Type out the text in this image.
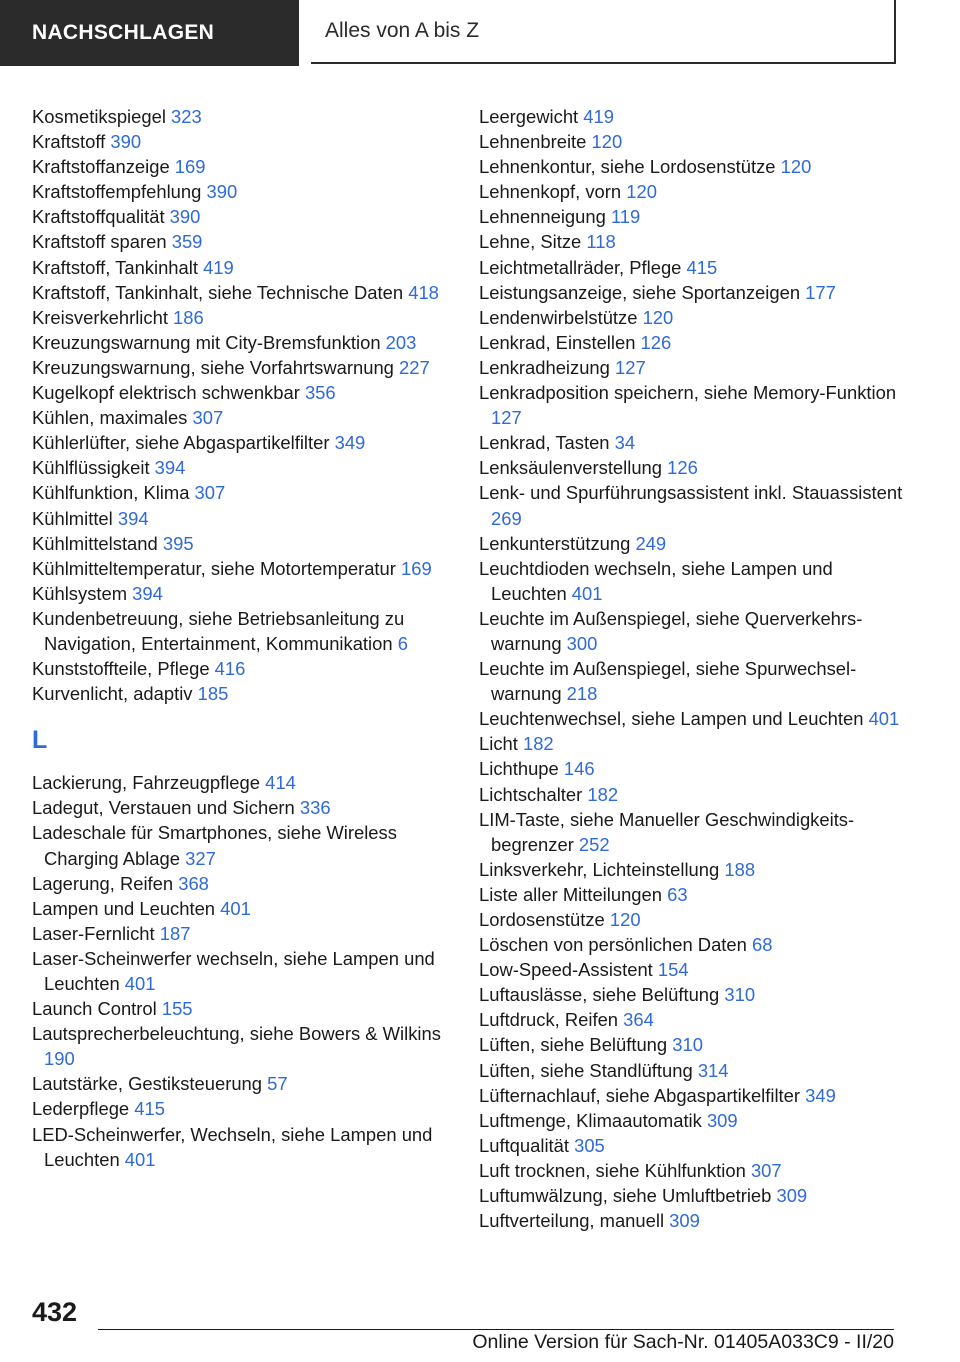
NACHSCHLAGEN	Alles von A bis Z
Kosmetikspiegel 323
Kraftstoff 390
Kraftstoffanzeige 169
Kraftstoffempfehlung 390
Kraftstoffqualität 390
Kraftstoff sparen 359
Kraftstoff, Tankinhalt 419
Kraftstoff, Tankinhalt, siehe Technische Daten 418
Kreisverkehrlicht 186
Kreuzungswarnung mit City-Bremsfunktion 203
Kreuzungswarnung, siehe Vorfahrtswarnung 227
Kugelkopf elektrisch schwenkbar 356
Kühlen, maximales 307
Kühlerlüfter, siehe Abgaspartikelfilter 349
Kühlflüssigkeit 394
Kühlfunktion, Klima 307
Kühlmittel 394
Kühlmittelstand 395
Kühlmitteltemperatur, siehe Motortemperatur 169
Kühlsystem 394
Kundenbetreuung, siehe Betriebsanleitung zu Navigation, Entertainment, Kommunikation 6
Kunststoffteile, Pflege 416
Kurvenlicht, adaptiv 185
L
Lackierung, Fahrzeugpflege 414
Ladegut, Verstauen und Sichern 336
Ladeschale für Smartphones, siehe Wireless Charging Ablage 327
Lagerung, Reifen 368
Lampen und Leuchten 401
Laser-Fernlicht 187
Laser-Scheinwerfer wechseln, siehe Lampen und Leuchten 401
Launch Control 155
Lautsprecherbeleuchtung, siehe Bowers & Wilkins 190
Lautstärke, Gestiksteuerung 57
Lederpflege 415
LED-Scheinwerfer, Wechseln, siehe Lampen und Leuchten 401
Leergewicht 419
Lehnenbreite 120
Lehnenkontur, siehe Lordosenstütze 120
Lehnenkopf, vorn 120
Lehnenneigung 119
Lehne, Sitze 118
Leichtmetallräder, Pflege 415
Leistungsanzeige, siehe Sportanzeigen 177
Lendenwirbelstütze 120
Lenkrad, Einstellen 126
Lenkradheizung 127
Lenkradposition speichern, siehe Memory-Funktion 127
Lenkrad, Tasten 34
Lenksäulenverstellung 126
Lenk- und Spurführungsassistent inkl. Stauassistent 269
Lenkunterstützung 249
Leuchtdioden wechseln, siehe Lampen und Leuchten 401
Leuchte im Außenspiegel, siehe Querverkehrswarnung 300
Leuchte im Außenspiegel, siehe Spurwechselwarnung 218
Leuchtenwechsel, siehe Lampen und Leuchten 401
Licht 182
Lichthupe 146
Lichtschalter 182
LIM-Taste, siehe Manueller Geschwindigkeitsbegrenzer 252
Linksverkehr, Lichteinstellung 188
Liste aller Mitteilungen 63
Lordosenstütze 120
Löschen von persönlichen Daten 68
Low-Speed-Assistent 154
Luftauslässe, siehe Belüftung 310
Luftdruck, Reifen 364
Lüften, siehe Belüftung 310
Lüften, siehe Standlüftung 314
Lüfternachlauf, siehe Abgaspartikelfilter 349
Luftmenge, Klimaautomatik 309
Luftqualität 305
Luft trocknen, siehe Kühlfunktion 307
Luftumwälzung, siehe Umluftbetrieb 309
Luftverteilung, manuell 309
432
Online Version für Sach-Nr. 01405A033C9 - II/20
